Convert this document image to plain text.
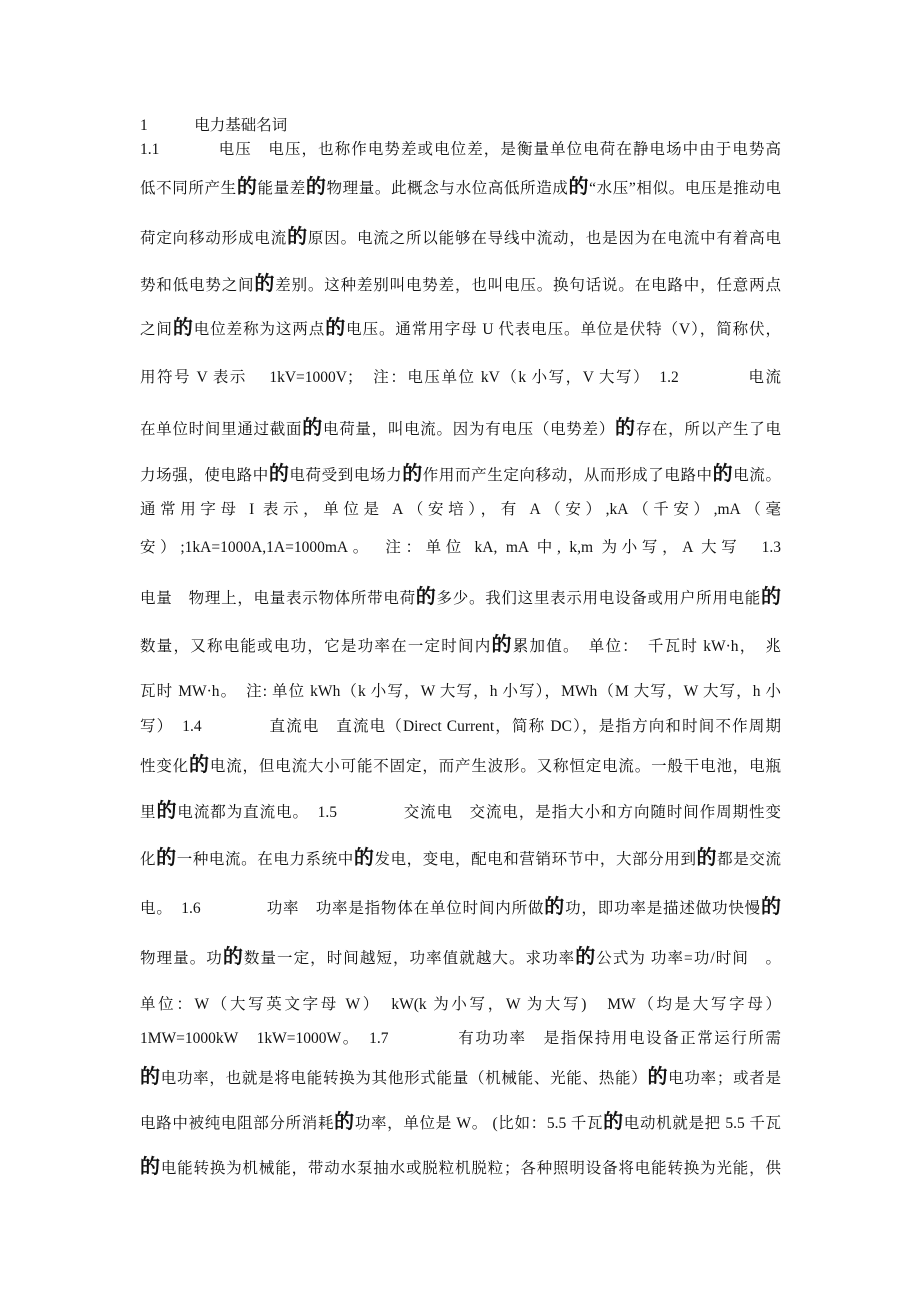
1            电力基础名词
1.1            电压　电压，也称作电势差或电位差，是衡量单位电荷在静电场中由于电势高
低不同所产生的能量差的物理量。此概念与水位高低所造成的“水压”相似。电压是推动电
荷定向移动形成电流的原因。电流之所以能够在导线中流动，也是因为在电流中有着高电
势和低电势之间的差别。这种差别叫电势差，也叫电压。换句话说。在电路中，任意两点
之间的电位差称为这两点的电压。通常用字母 U 代表电压。单位是伏特（V），简称伏，
用符号 V 表示　 1kV=1000V；　注：电压单位 kV（k 小写，V 大写）　1.2　　　　电流
在单位时间里通过截面的电荷量，叫电流。因为有电压（电势差）的存在，所以产生了电
力场强，使电路中的电荷受到电场力的作用而产生定向移动，从而形成了电路中的电流。
通常用字母 I 表示，单位是 A（安培），有 A（安）,kA（千安）,mA（毫
安）;1kA=1000A,1A=1000mA。　注：单位 kA, mA 中, k,m 为小写，A 大写　1.3
电量　物理上，电量表示物体所带电荷的多少。我们这里表示用电设备或用户所用电能的
数量，又称电能或电功，它是功率在一定时间内的累加值。　单位：　千瓦时 kW·h，　兆
瓦时 MW·h。　注: 单位 kWh（k 小写，W 大写，h 小写），MWh（M 大写，W 大写，h 小
写）　1.4　　　　直流电　直流电（Direct Current，简称 DC），是指方向和时间不作周期
性变化的电流，但电流大小可能不固定，而产生波形。又称恒定电流。一般干电池，电瓶
里的电流都为直流电。　1.5　　　　交流电　交流电，是指大小和方向随时间作周期性变
化的一种电流。在电力系统中的发电，变电，配电和营销环节中，大部分用到的都是交流
电。　1.6　　　　功率　功率是指物体在单位时间内所做的功，即功率是描述做功快慢的
物理量。功的数量一定，时间越短，功率值就越大。求功率的公式为 功率=功/时间　。
单位：W（大写英文字母 W）　kW(k 为小写，W 为大写)　MW（均是大写字母）
1MW=1000kW　1kW=1000W。　1.7　　　　有功功率　是指保持用电设备正常运行所需
的电功率，也就是将电能转换为其他形式能量（机械能、光能、热能）的电功率；或者是
电路中被纯电阻部分所消耗的功率，单位是 W。 (比如：5.5 千瓦的电动机就是把 5.5 千瓦
的电能转换为机械能，带动水泵抽水或脱粒机脱粒；各种照明设备将电能转换为光能，供
